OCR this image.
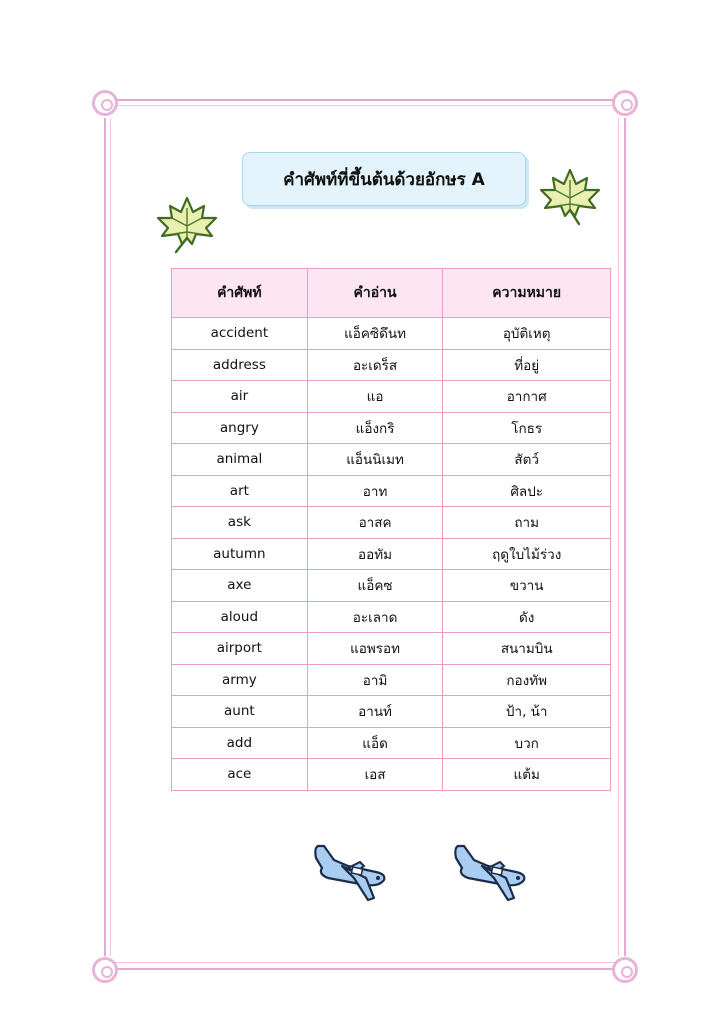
คำศัพท์ที่ขึ้นต้นด้วยอักษร A
คำศัพท์	คำอ่าน	ความหมาย
accident	แอ็คซิดึนท	อุบัติเหตุ
address	อะเดร็ส	ที่อยู่
air	แอ	อากาศ
angry	แอ็งกริ	โกธร
animal	แอ็นนิเมท	สัตว์
art	อาท	ศิลปะ
ask	อาสค	ถาม
autumn	ออทัม	ฤดูใบไม้ร่วง
axe	แอ็คซ	ขวาน
aloud	อะเลาด	ดัง
airport	แอพรอท	สนามบิน
army	อามิ	กองทัพ
aunt	อานท์	ป้า, น้า
add	แอ็ด	บวก
ace	เอส	แต้ม
